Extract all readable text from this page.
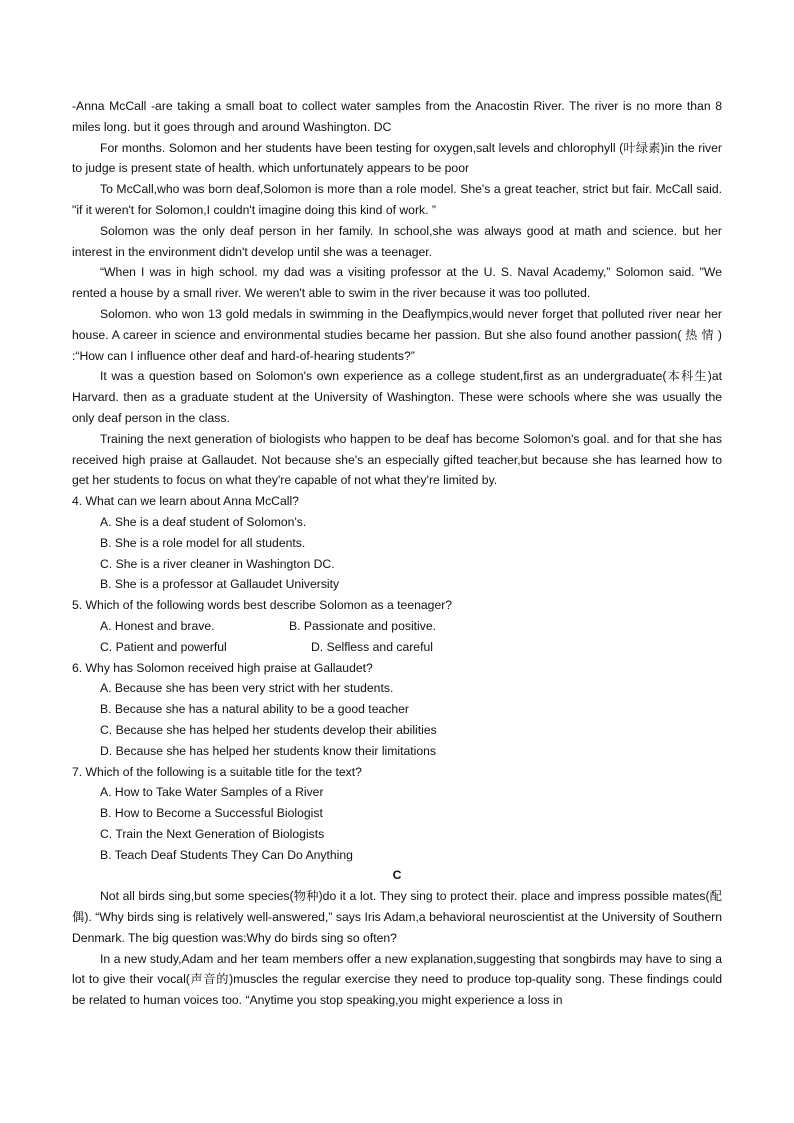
-Anna McCall -are taking a small boat to collect water samples from the Anacostin River. The river is no more than 8 miles long. but it goes through and around Washington. DC

For months. Solomon and her students have been testing for oxygen,salt levels and chlorophyll (叶绿素)in the river to judge is present state of health. which unfortunately appears to be poor

To McCall,who was born deaf,Solomon is more than a role model. She's a great teacher, strict but fair. McCall said. "if it weren't for Solomon,I couldn't imagine doing this kind of work. ”

Solomon was the only deaf person in her family. In school,she was always good at math and science. but her interest in the environment didn't develop until she was a teenager.

“When I was in high school. my dad was a visiting professor at the U. S. Naval Academy,” Solomon said. "We rented a house by a small river. We weren't able to swim in the river because it was too polluted.

Solomon. who won 13 gold medals in swimming in the Deaflympics,would never forget that polluted river near her house. A career in science and environmental studies became her passion. But she also found another passion( 热 情 ) :“How can I influence other deaf and hard-of-hearing students?”

It was a question based on Solomon's own experience as a college student,first as an undergraduate(本科生)at Harvard. then as a graduate student at the University of Washington. These were schools where she was usually the only deaf person in the class.

Training the next generation of biologists who happen to be deaf has become Solomon's goal. and for that she has received high praise at Gallaudet. Not because she's an especially gifted teacher,but because she has learned how to get her students to focus on what they're capable of not what they're limited by.

4. What can we learn about Anna McCall?

A. She is a deaf student of Solomon's.

B. She is a role model for all students.

C. She is a river cleaner in Washington DC.

B. She is a professor at Gallaudet University

5. Which of the following words best describe Solomon as a teenager?

A. Honest and brave.	B. Passionate and positive.
C. Patient and powerful	D. Selfless and careful

6. Why has Solomon received high praise at Gallaudet?

A. Because she has been very strict with her students.

B. Because she has a natural ability to be a good teacher

C. Because she has helped her students develop their abilities

D. Because she has helped her students know their limitations

7. Which of the following is a suitable title for the text?

A. How to Take Water Samples of a River

B. How to Become a Successful Biologist

C. Train the Next Generation of Biologists

B. Teach Deaf Students They Can Do Anything

C

Not all birds sing,but some species(物种)do it a lot. They sing to protect their. place and impress possible mates(配偶). “Why birds sing is relatively well-answered,” says Iris Adam,a behavioral neuroscientist at the University of Southern Denmark. The big question was:Why do birds sing so often?

In a new study,Adam and her team members offer a new explanation,suggesting that songbirds may have to sing a lot to give their vocal(声音的)muscles the regular exercise they need to produce top-quality song. These findings could be related to human voices too. “Anytime you stop speaking,you might experience a loss in
